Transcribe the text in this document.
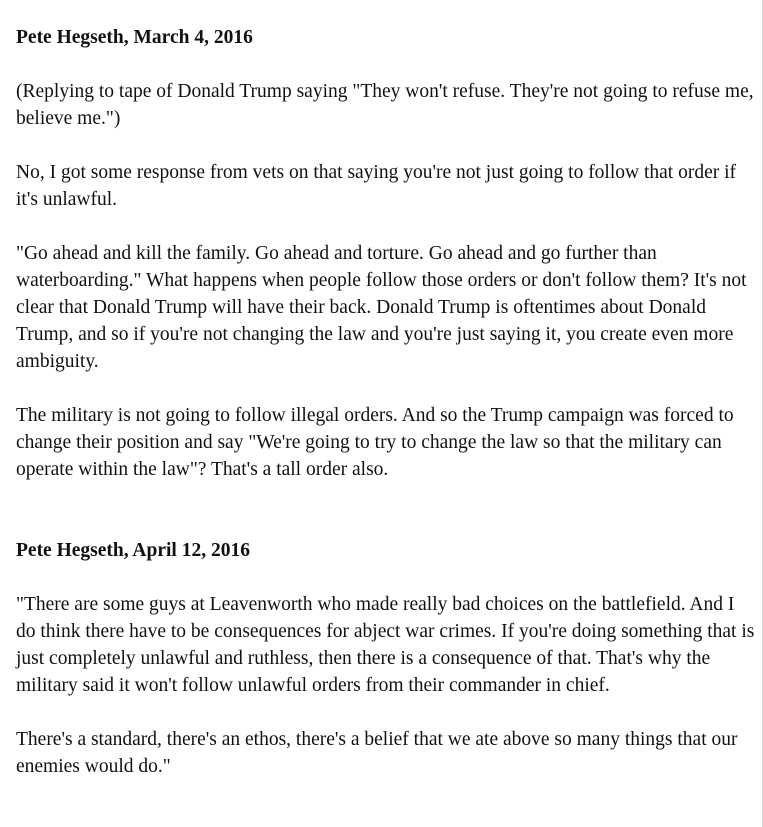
Pete Hegseth, March 4, 2016
(Replying to tape of Donald Trump saying "They won't refuse. They're not going to refuse me, believe me.")
No, I got some response from vets on that saying you're not just going to follow that order if it's unlawful.
"Go ahead and kill the family. Go ahead and torture. Go ahead and go further than waterboarding." What happens when people follow those orders or don't follow them? It's not clear that Donald Trump will have their back. Donald Trump is oftentimes about Donald Trump, and so if you're not changing the law and you're just saying it, you create even more ambiguity.
The military is not going to follow illegal orders. And so the Trump campaign was forced to change their position and say "We're going to try to change the law so that the military can operate within the law"? That's a tall order also.
Pete Hegseth, April 12, 2016
"There are some guys at Leavenworth who made really bad choices on the battlefield. And I do think there have to be consequences for abject war crimes. If you're doing something that is just completely unlawful and ruthless, then there is a consequence of that. That's why the military said it won't follow unlawful orders from their commander in chief.
There's a standard, there's an ethos, there's a belief that we ate above so many things that our enemies would do."
